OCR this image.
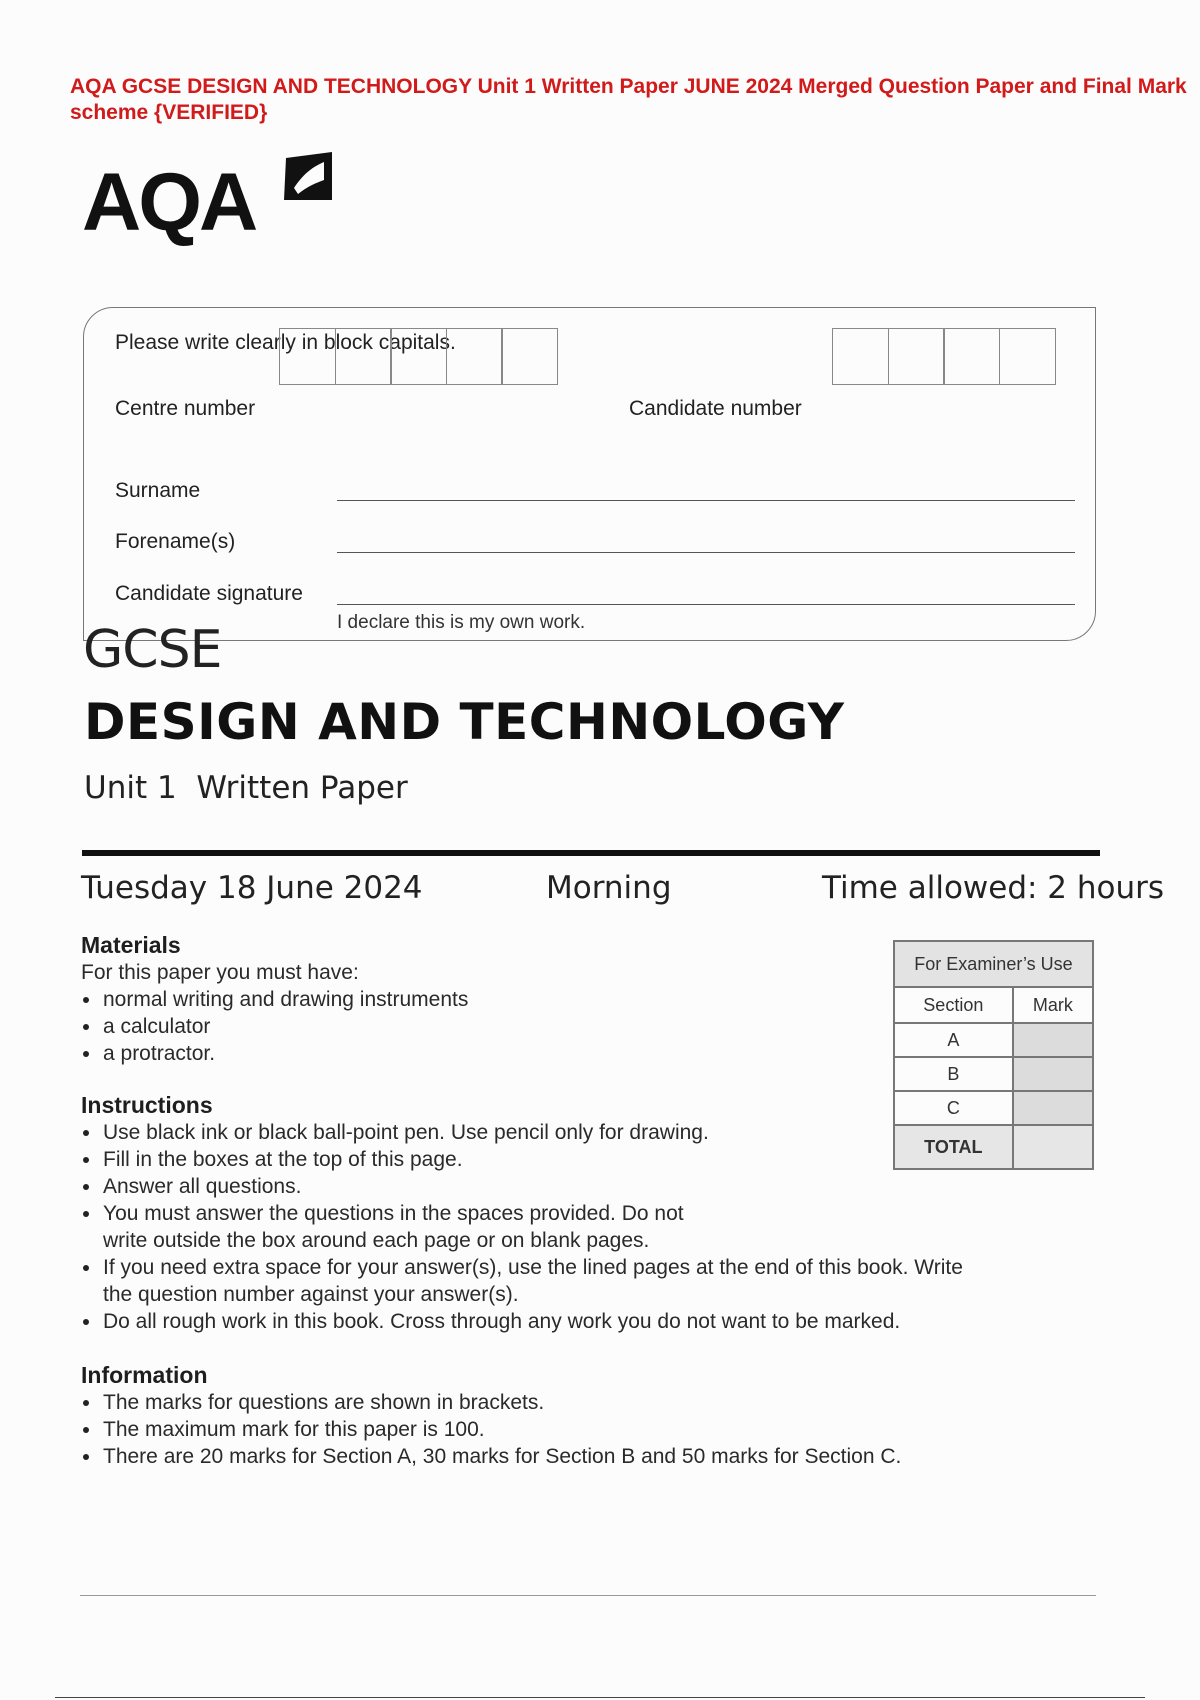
AQA GCSE DESIGN AND TECHNOLOGY Unit 1 Written Paper JUNE 2024 Merged Question Paper and Final Mark scheme {VERIFIED}
AQA
Please write clearly in block capitals.
Centre number	Candidate number
Surname
Forename(s)
Candidate signature
I declare this is my own work.
GCSE
DESIGN AND TECHNOLOGY
Unit 1  Written Paper
Tuesday 18 June 2024	Morning	Time allowed: 2 hours
Materials
For this paper you must have:
normal writing and drawing instruments
a calculator
a protractor.
Instructions
Use black ink or black ball-point pen. Use pencil only for drawing.
Fill in the boxes at the top of this page.
Answer all questions.
You must answer the questions in the spaces provided. Do not write outside the box around each page or on blank pages.
If you need extra space for your answer(s), use the lined pages at the end of this book. Write the question number against your answer(s).
Do all rough work in this book. Cross through any work you do not want to be marked.
Information
The marks for questions are shown in brackets.
The maximum mark for this paper is 100.
There are 20 marks for Section A, 30 marks for Section B and 50 marks for Section C.
For Examiner’s Use	
Section	Mark
A	
B	
C	
TOTAL	
